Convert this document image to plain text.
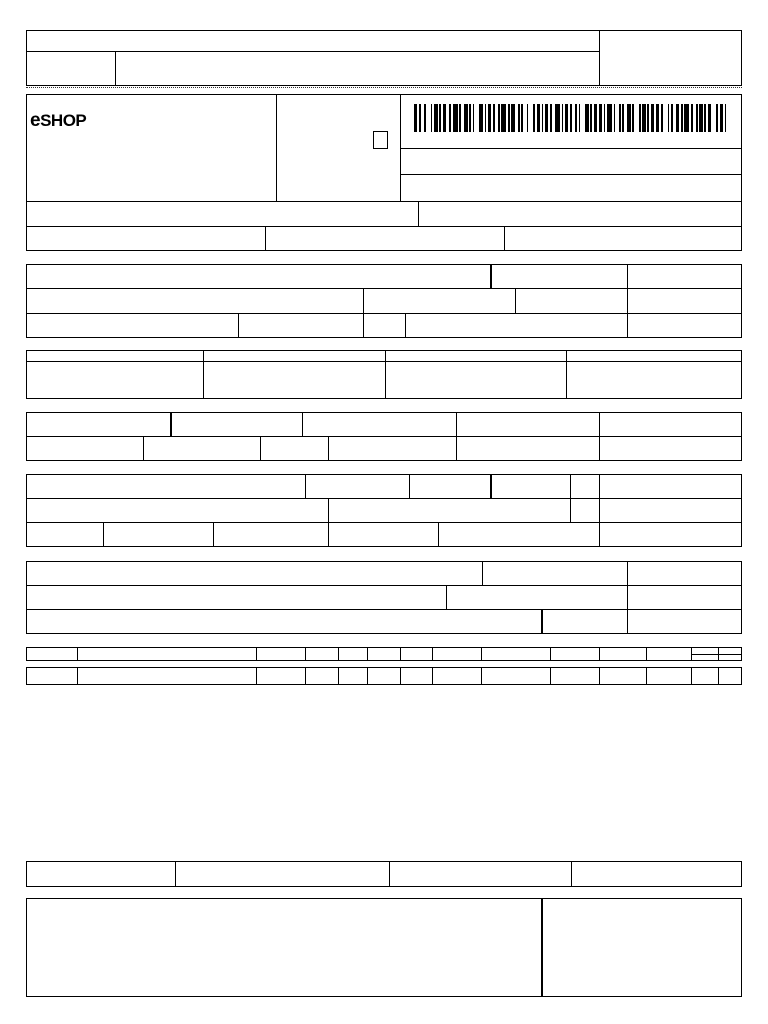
eSHOP
